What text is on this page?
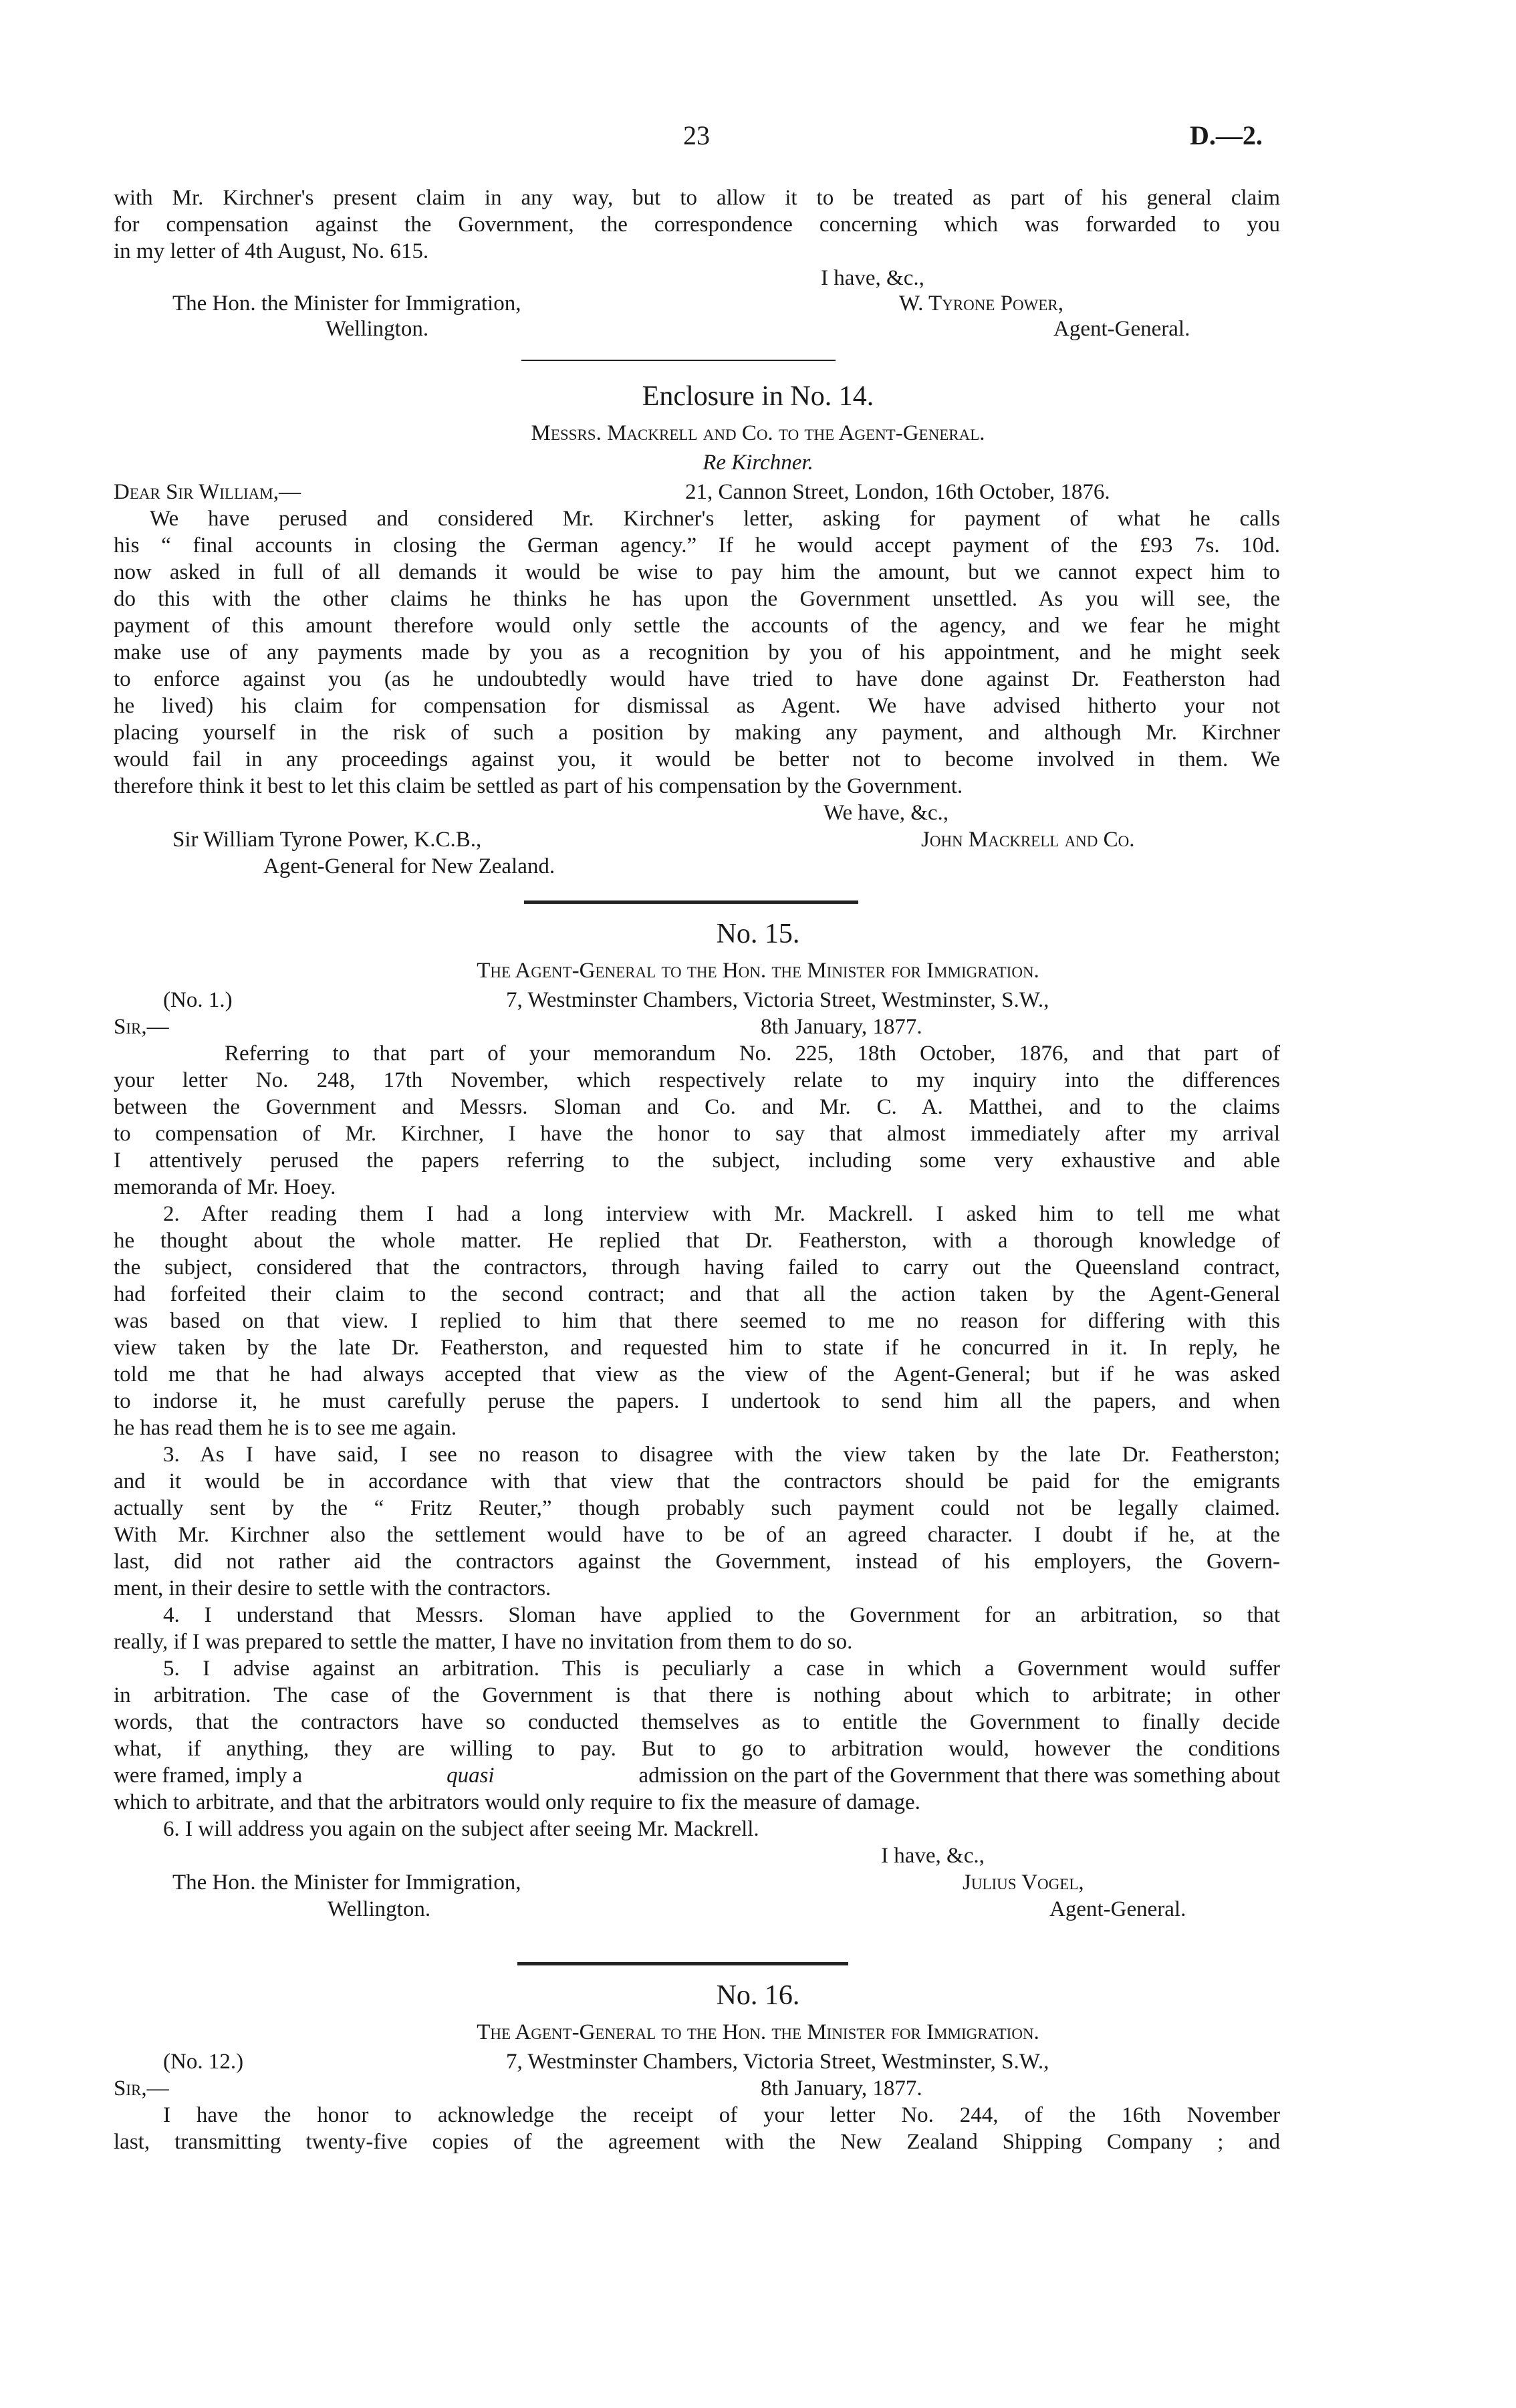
23	D.—2.
with Mr. Kirchner's present claim in any way, but to allow it to be treated as part of his general claim
for compensation against the Government, the correspondence concerning which was forwarded to you
in my letter of 4th August, No. 615.
I have, &c.,
The Hon. the Minister for Immigration,	W. Tyrone Power,
Wellington.	Agent-General.
Enclosure in No. 14.
Messrs. Mackrell and Co. to the Agent-General.
Re Kirchner.
Dear Sir William,—	21, Cannon Street, London, 16th October, 1876.
We have perused and considered Mr. Kirchner's letter, asking for payment of what he calls
his “ final accounts in closing the German agency.” If he would accept payment of the £93 7s. 10d.
now asked in full of all demands it would be wise to pay him the amount, but we cannot expect him to
do this with the other claims he thinks he has upon the Government unsettled. As you will see, the
payment of this amount therefore would only settle the accounts of the agency, and we fear he might
make use of any payments made by you as a recognition by you of his appointment, and he might seek
to enforce against you (as he undoubtedly would have tried to have done against Dr. Featherston had
he lived) his claim for compensation for dismissal as Agent. We have advised hitherto your not
placing yourself in the risk of such a position by making any payment, and although Mr. Kirchner
would fail in any proceedings against you, it would be better not to become involved in them. We
therefore think it best to let this claim be settled as part of his compensation by the Government.
We have, &c.,
Sir William Tyrone Power, K.C.B.,	John Mackrell and Co.
Agent-General for New Zealand.
No. 15.
The Agent-General to the Hon. the Minister for Immigration.
(No. 1.)	7, Westminster Chambers, Victoria Street, Westminster, S.W.,
Sir,—	8th January, 1877.
Referring to that part of your memorandum No. 225, 18th October, 1876, and that part of
your letter No. 248, 17th November, which respectively relate to my inquiry into the differences
between the Government and Messrs. Sloman and Co. and Mr. C. A. Matthei, and to the claims
to compensation of Mr. Kirchner, I have the honor to say that almost immediately after my arrival
I attentively perused the papers referring to the subject, including some very exhaustive and able
memoranda of Mr. Hoey.
2. After reading them I had a long interview with Mr. Mackrell. I asked him to tell me what
he thought about the whole matter. He replied that Dr. Featherston, with a thorough knowledge of
the subject, considered that the contractors, through having failed to carry out the Queensland contract,
had forfeited their claim to the second contract; and that all the action taken by the Agent-General
was based on that view. I replied to him that there seemed to me no reason for differing with this
view taken by the late Dr. Featherston, and requested him to state if he concurred in it. In reply, he
told me that he had always accepted that view as the view of the Agent-General; but if he was asked
to indorse it, he must carefully peruse the papers. I undertook to send him all the papers, and when
he has read them he is to see me again.
3. As I have said, I see no reason to disagree with the view taken by the late Dr. Featherston;
and it would be in accordance with that view that the contractors should be paid for the emigrants
actually sent by the “ Fritz Reuter,” though probably such payment could not be legally claimed.
With Mr. Kirchner also the settlement would have to be of an agreed character. I doubt if he, at the
last, did not rather aid the contractors against the Government, instead of his employers, the Govern-
ment, in their desire to settle with the contractors.
4. I understand that Messrs. Sloman have applied to the Government for an arbitration, so that
really, if I was prepared to settle the matter, I have no invitation from them to do so.
5. I advise against an arbitration. This is peculiarly a case in which a Government would suffer
in arbitration. The case of the Government is that there is nothing about which to arbitrate; in other
words, that the contractors have so conducted themselves as to entitle the Government to finally decide
what, if anything, they are willing to pay. But to go to arbitration would, however the conditions
were framed, imply a	quasi	admission on the part of the Government that there was something about
which to arbitrate, and that the arbitrators would only require to fix the measure of damage.
6. I will address you again on the subject after seeing Mr. Mackrell.
I have, &c.,
The Hon. the Minister for Immigration,	Julius Vogel,
Wellington.	Agent-General.
No. 16.
The Agent-General to the Hon. the Minister for Immigration.
(No. 12.)	7, Westminster Chambers, Victoria Street, Westminster, S.W.,
Sir,—	8th January, 1877.
I have the honor to acknowledge the receipt of your letter No. 244, of the 16th November
last, transmitting twenty-five copies of the agreement with the New Zealand Shipping Company ; and
